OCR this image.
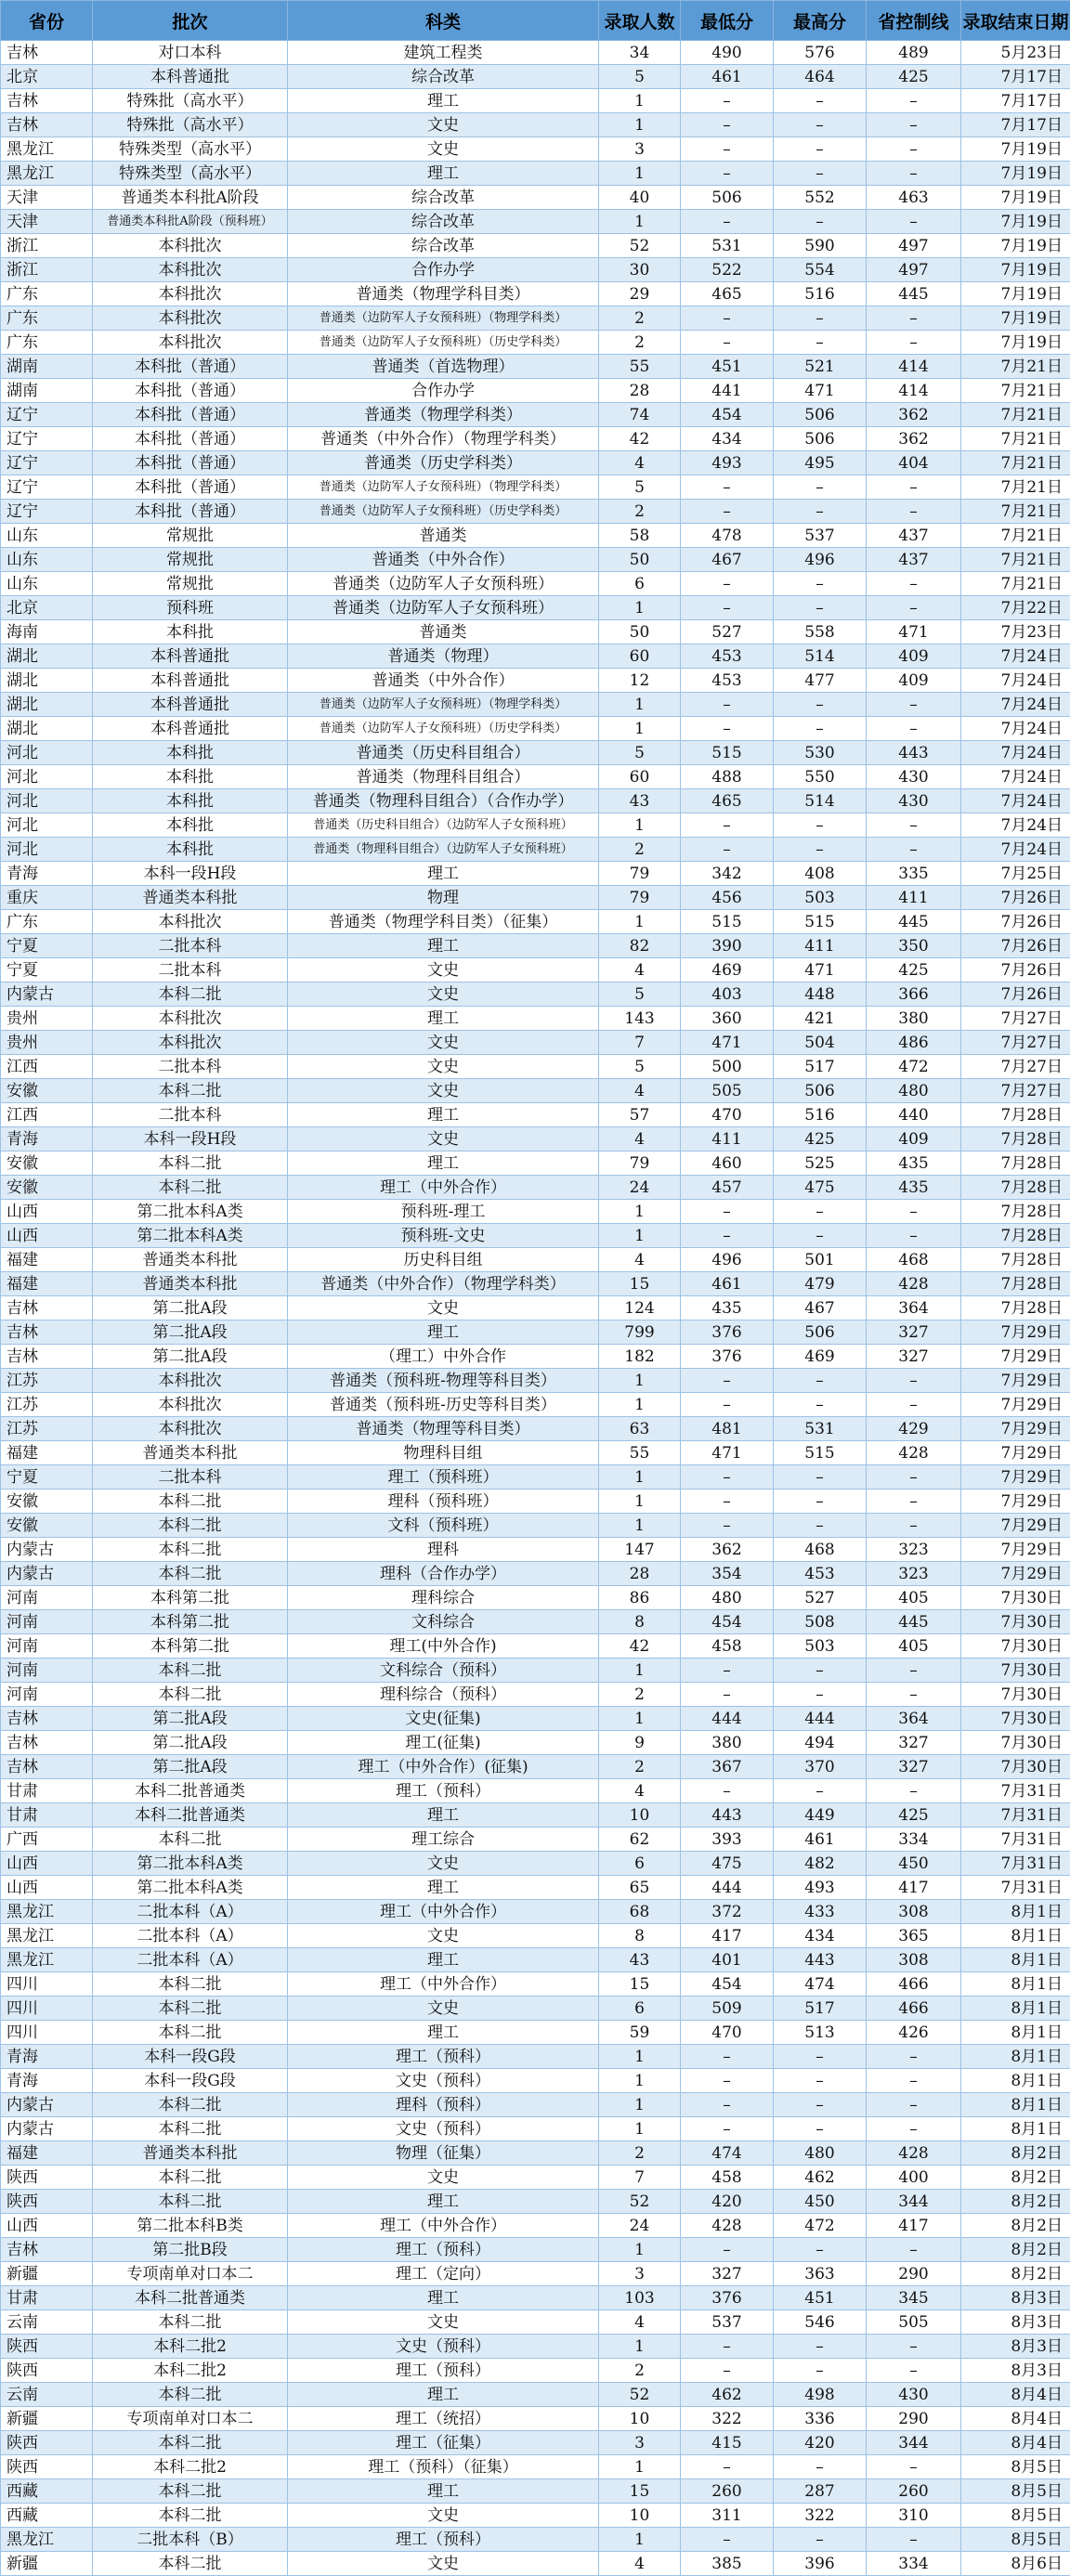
省份	批次	科类	录取人数	最低分	最高分	省控制线	录取结束日期
吉林	对口本科	建筑工程类	34	490	576	489	5月23日
北京	本科普通批	综合改革	5	461	464	425	7月17日
吉林	特殊批（高水平）	理工	1	–	–	–	7月17日
吉林	特殊批（高水平）	文史	1	–	–	–	7月17日
黑龙江	特殊类型（高水平）	文史	3	–	–	–	7月19日
黑龙江	特殊类型（高水平）	理工	1	–	–	–	7月19日
天津	普通类本科批A阶段	综合改革	40	506	552	463	7月19日
天津	普通类本科批A阶段（预科班）	综合改革	1	–	–	–	7月19日
浙江	本科批次	综合改革	52	531	590	497	7月19日
浙江	本科批次	合作办学	30	522	554	497	7月19日
广东	本科批次	普通类（物理学科目类）	29	465	516	445	7月19日
广东	本科批次	普通类（边防军人子女预科班）（物理学科类）	2	–	–	–	7月19日
广东	本科批次	普通类（边防军人子女预科班）（历史学科类）	2	–	–	–	7月19日
湖南	本科批（普通）	普通类（首选物理）	55	451	521	414	7月21日
湖南	本科批（普通）	合作办学	28	441	471	414	7月21日
辽宁	本科批（普通）	普通类（物理学科类）	74	454	506	362	7月21日
辽宁	本科批（普通）	普通类（中外合作）（物理学科类）	42	434	506	362	7月21日
辽宁	本科批（普通）	普通类（历史学科类）	4	493	495	404	7月21日
辽宁	本科批（普通）	普通类（边防军人子女预科班）（物理学科类）	5	–	–	–	7月21日
辽宁	本科批（普通）	普通类（边防军人子女预科班）（历史学科类）	2	–	–	–	7月21日
山东	常规批	普通类	58	478	537	437	7月21日
山东	常规批	普通类（中外合作）	50	467	496	437	7月21日
山东	常规批	普通类（边防军人子女预科班）	6	–	–	–	7月21日
北京	预科班	普通类（边防军人子女预科班）	1	–	–	–	7月22日
海南	本科批	普通类	50	527	558	471	7月23日
湖北	本科普通批	普通类（物理）	60	453	514	409	7月24日
湖北	本科普通批	普通类（中外合作）	12	453	477	409	7月24日
湖北	本科普通批	普通类（边防军人子女预科班）（物理学科类）	1	–	–	–	7月24日
湖北	本科普通批	普通类（边防军人子女预科班）（历史学科类）	1	–	–	–	7月24日
河北	本科批	普通类（历史科目组合）	5	515	530	443	7月24日
河北	本科批	普通类（物理科目组合）	60	488	550	430	7月24日
河北	本科批	普通类（物理科目组合）（合作办学）	43	465	514	430	7月24日
河北	本科批	普通类（历史科目组合）（边防军人子女预科班）	1	–	–	–	7月24日
河北	本科批	普通类（物理科目组合）（边防军人子女预科班）	2	–	–	–	7月24日
青海	本科一段H段	理工	79	342	408	335	7月25日
重庆	普通类本科批	物理	79	456	503	411	7月26日
广东	本科批次	普通类（物理学科目类）（征集）	1	515	515	445	7月26日
宁夏	二批本科	理工	82	390	411	350	7月26日
宁夏	二批本科	文史	4	469	471	425	7月26日
内蒙古	本科二批	文史	5	403	448	366	7月26日
贵州	本科批次	理工	143	360	421	380	7月27日
贵州	本科批次	文史	7	471	504	486	7月27日
江西	二批本科	文史	5	500	517	472	7月27日
安徽	本科二批	文史	4	505	506	480	7月27日
江西	二批本科	理工	57	470	516	440	7月28日
青海	本科一段H段	文史	4	411	425	409	7月28日
安徽	本科二批	理工	79	460	525	435	7月28日
安徽	本科二批	理工（中外合作）	24	457	475	435	7月28日
山西	第二批本科A类	预科班-理工	1	–	–	–	7月28日
山西	第二批本科A类	预科班-文史	1	–	–	–	7月28日
福建	普通类本科批	历史科目组	4	496	501	468	7月28日
福建	普通类本科批	普通类（中外合作）（物理学科类）	15	461	479	428	7月28日
吉林	第二批A段	文史	124	435	467	364	7月28日
吉林	第二批A段	理工	799	376	506	327	7月29日
吉林	第二批A段	（理工）中外合作	182	376	469	327	7月29日
江苏	本科批次	普通类（预科班-物理等科目类）	1	–	–	–	7月29日
江苏	本科批次	普通类（预科班-历史等科目类）	1	–	–	–	7月29日
江苏	本科批次	普通类（物理等科目类）	63	481	531	429	7月29日
福建	普通类本科批	物理科目组	55	471	515	428	7月29日
宁夏	二批本科	理工（预科班）	1	–	–	–	7月29日
安徽	本科二批	理科（预科班）	1	–	–	–	7月29日
安徽	本科二批	文科（预科班）	1	–	–	–	7月29日
内蒙古	本科二批	理科	147	362	468	323	7月29日
内蒙古	本科二批	理科（合作办学）	28	354	453	323	7月29日
河南	本科第二批	理科综合	86	480	527	405	7月30日
河南	本科第二批	文科综合	8	454	508	445	7月30日
河南	本科第二批	理工(中外合作)	42	458	503	405	7月30日
河南	本科二批	文科综合（预科）	1	–	–	–	7月30日
河南	本科二批	理科综合（预科）	2	–	–	–	7月30日
吉林	第二批A段	文史(征集)	1	444	444	364	7月30日
吉林	第二批A段	理工(征集)	9	380	494	327	7月30日
吉林	第二批A段	理工（中外合作）(征集)	2	367	370	327	7月30日
甘肃	本科二批普通类	理工（预科）	4	–	–	–	7月31日
甘肃	本科二批普通类	理工	10	443	449	425	7月31日
广西	本科二批	理工综合	62	393	461	334	7月31日
山西	第二批本科A类	文史	6	475	482	450	7月31日
山西	第二批本科A类	理工	65	444	493	417	7月31日
黑龙江	二批本科（A）	理工（中外合作）	68	372	433	308	8月1日
黑龙江	二批本科（A）	文史	8	417	434	365	8月1日
黑龙江	二批本科（A）	理工	43	401	443	308	8月1日
四川	本科二批	理工（中外合作）	15	454	474	466	8月1日
四川	本科二批	文史	6	509	517	466	8月1日
四川	本科二批	理工	59	470	513	426	8月1日
青海	本科一段G段	理工（预科）	1	–	–	–	8月1日
青海	本科一段G段	文史（预科）	1	–	–	–	8月1日
内蒙古	本科二批	理科（预科）	1	–	–	–	8月1日
内蒙古	本科二批	文史（预科）	1	–	–	–	8月1日
福建	普通类本科批	物理（征集）	2	474	480	428	8月2日
陕西	本科二批	文史	7	458	462	400	8月2日
陕西	本科二批	理工	52	420	450	344	8月2日
山西	第二批本科B类	理工（中外合作）	24	428	472	417	8月2日
吉林	第二批B段	理工（预科）	1	–	–	–	8月2日
新疆	专项南单对口本二	理工（定向）	3	327	363	290	8月2日
甘肃	本科二批普通类	理工	103	376	451	345	8月3日
云南	本科二批	文史	4	537	546	505	8月3日
陕西	本科二批2	文史（预科）	1	–	–	–	8月3日
陕西	本科二批2	理工（预科）	2	–	–	–	8月3日
云南	本科二批	理工	52	462	498	430	8月4日
新疆	专项南单对口本二	理工（统招）	10	322	336	290	8月4日
陕西	本科二批	理工（征集）	3	415	420	344	8月4日
陕西	本科二批2	理工（预科）（征集）	1	–	–	–	8月5日
西藏	本科二批	理工	15	260	287	260	8月5日
西藏	本科二批	文史	10	311	322	310	8月5日
黑龙江	二批本科（B）	理工（预科）	1	–	–	–	8月5日
新疆	本科二批	文史	4	385	396	334	8月6日
